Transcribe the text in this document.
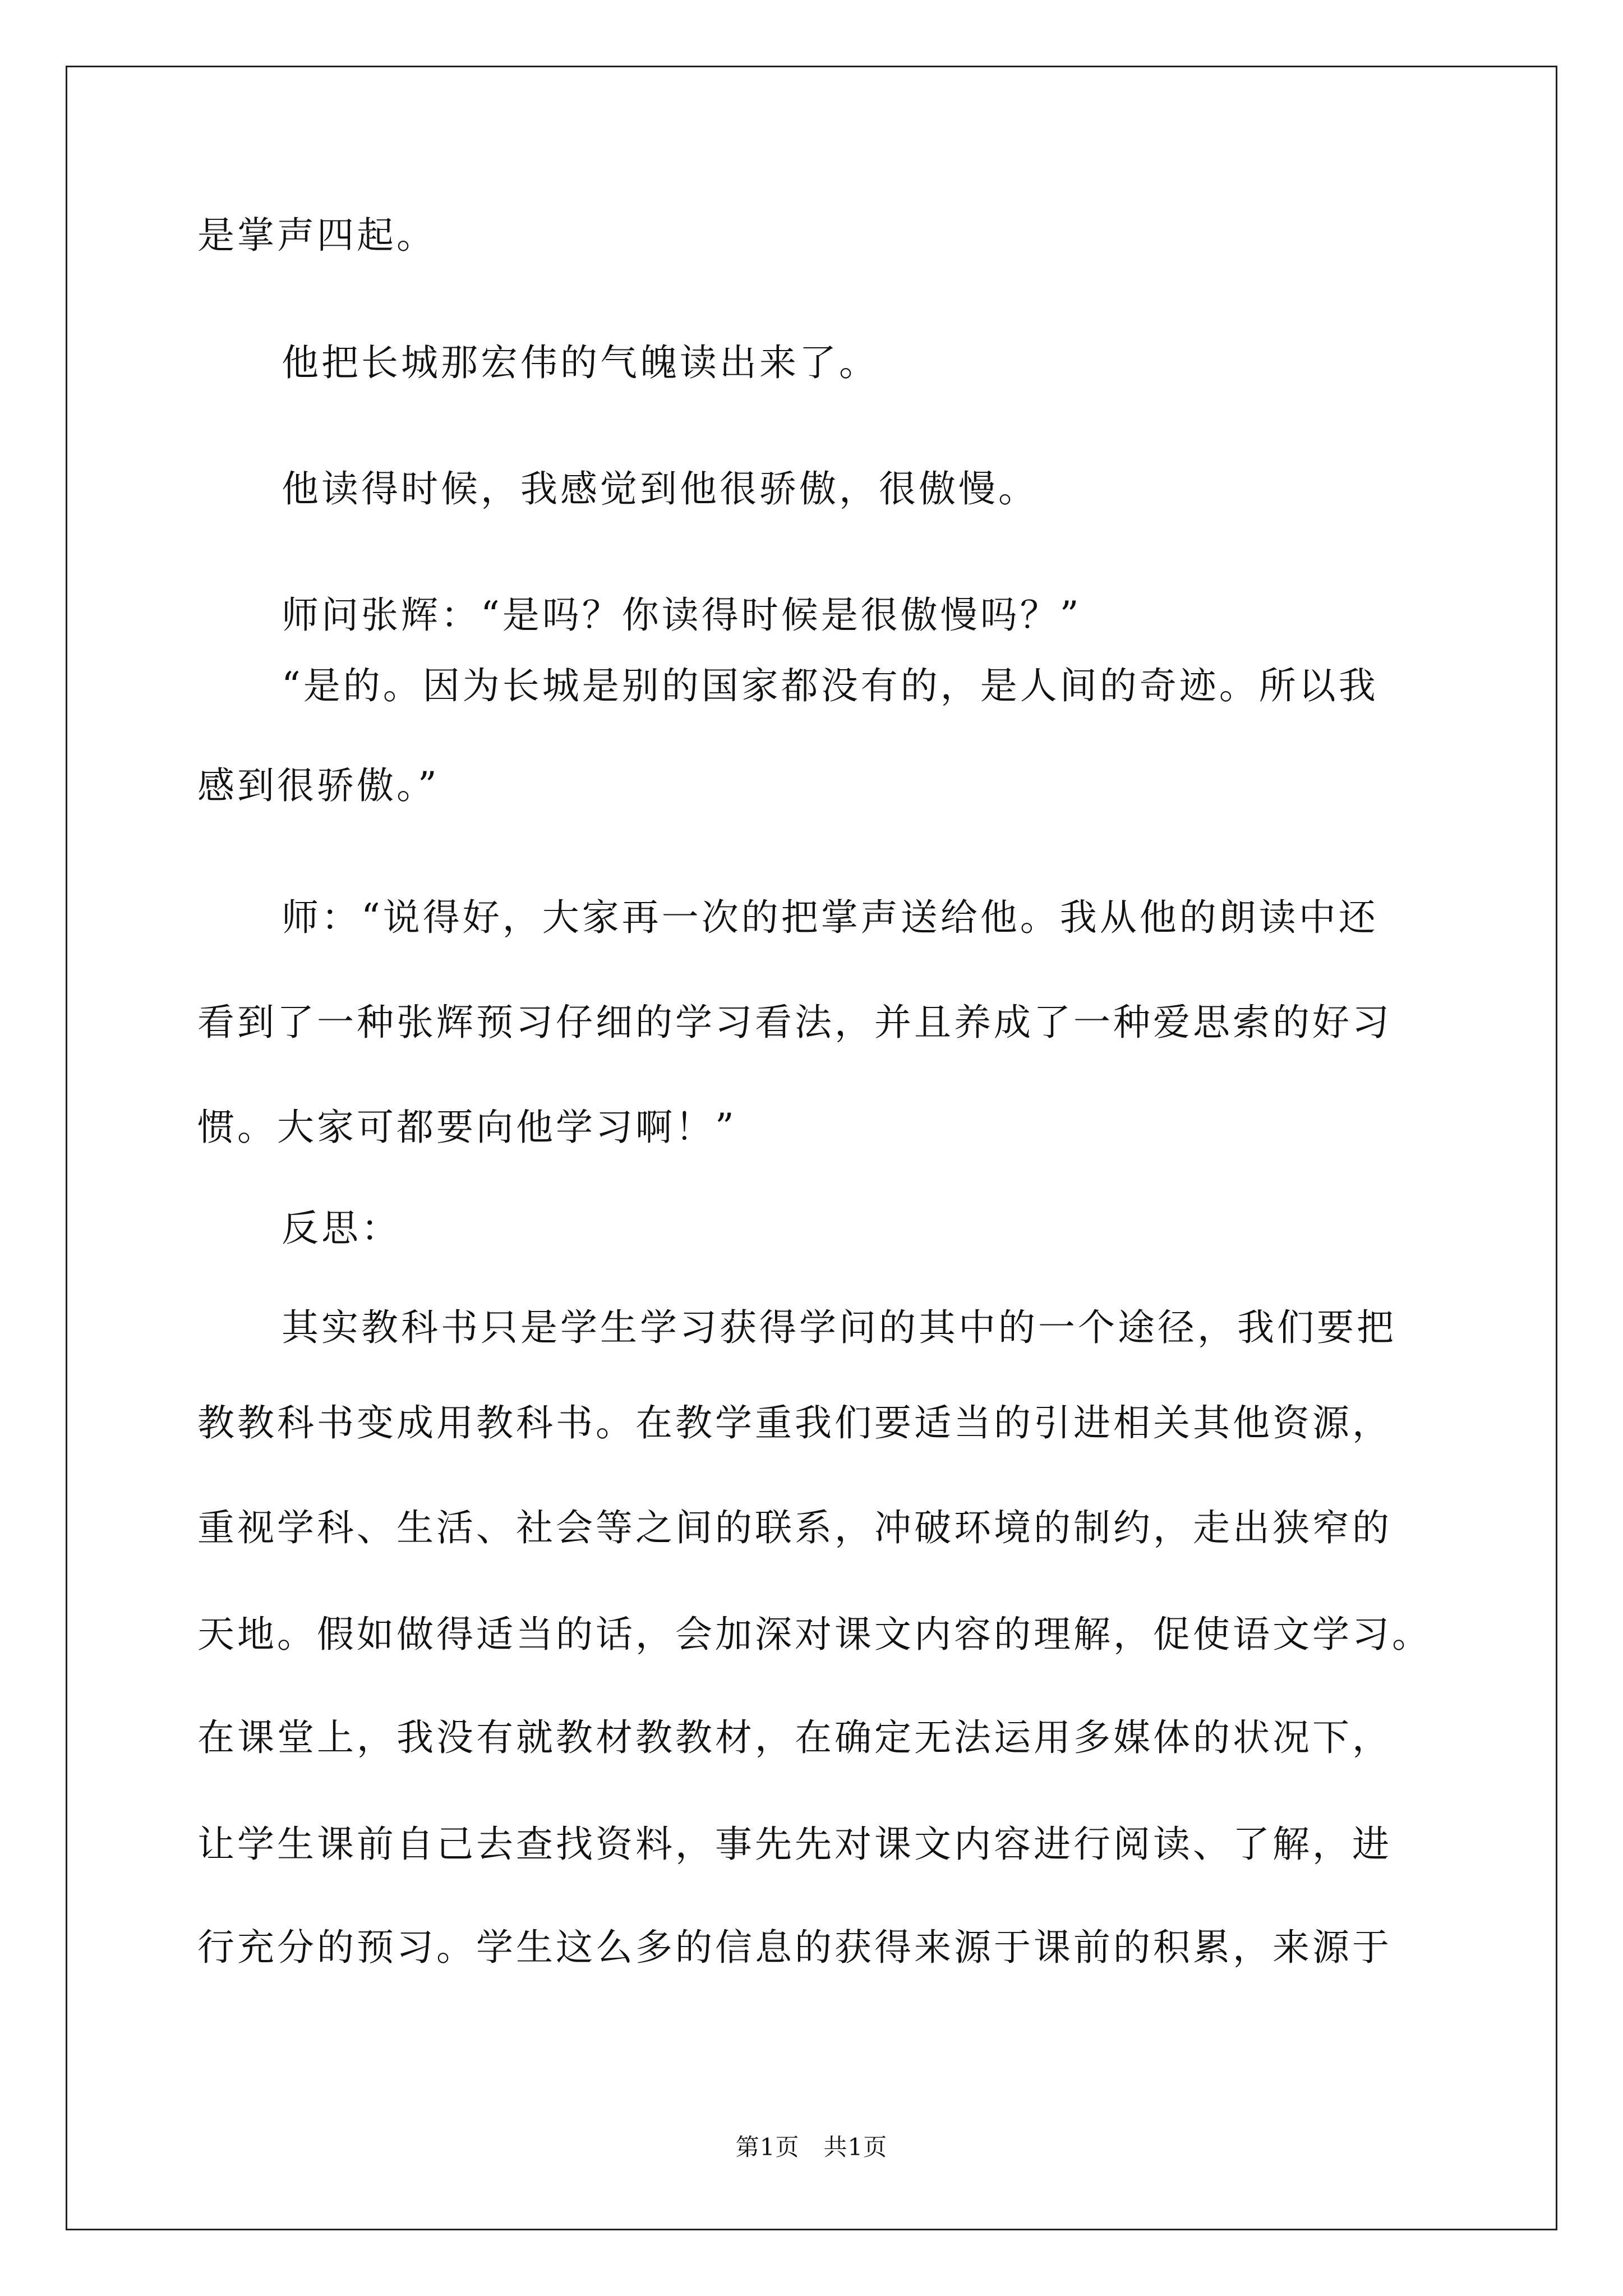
是掌声四起。
他把长城那宏伟的气魄读出来了。
他读得时候，我感觉到他很骄傲，很傲慢。
师问张辉：“是吗？你读得时候是很傲慢吗？”
“是的。因为长城是别的国家都没有的，是人间的奇迹。所以我
感到很骄傲。”
师：“说得好，大家再一次的把掌声送给他。我从他的朗读中还
看到了一种张辉预习仔细的学习看法，并且养成了一种爱思索的好习
惯。大家可都要向他学习啊！”
反思：
其实教科书只是学生学习获得学问的其中的一个途径，我们要把
教教科书变成用教科书。在教学重我们要适当的引进相关其他资源，
重视学科、生活、社会等之间的联系，冲破环境的制约，走出狭窄的
天地。假如做得适当的话，会加深对课文内容的理解，促使语文学习。
在课堂上，我没有就教材教教材，在确定无法运用多媒体的状况下，
让学生课前自己去查找资料，事先先对课文内容进行阅读、了解，进
行充分的预习。学生这么多的信息的获得来源于课前的积累，来源于
第1页　共1页
